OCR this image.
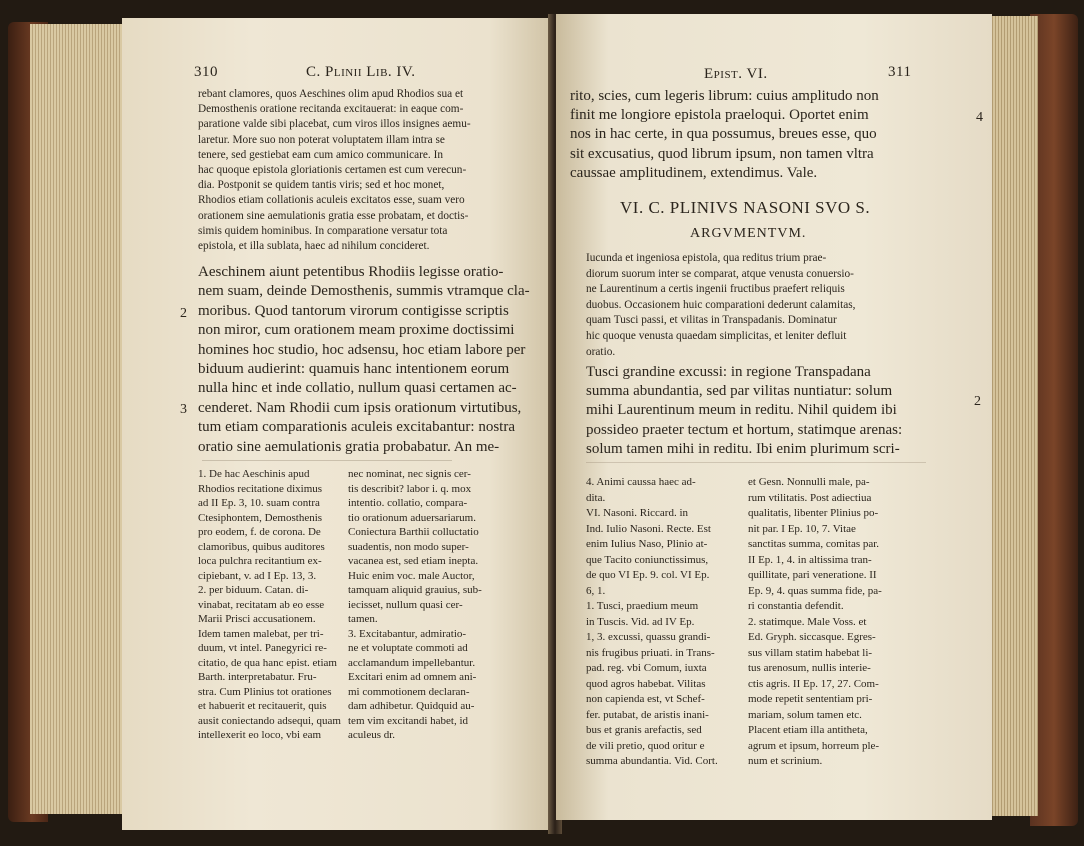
310	C. Plinii Lib. IV.
rebant clamores, quos Aeschines olim apud Rhodios sua et
Demosthenis oratione recitanda excitauerat: in eaque com-
paratione valde sibi placebat, cum viros illos insignes aemu-
laretur. More suo non poterat voluptatem illam intra se
tenere, sed gestiebat eam cum amico communicare. In
hac quoque epistola gloriationis certamen est cum verecun-
dia. Postponit se quidem tantis viris; sed et hoc monet,
Rhodios etiam collationis aculeis excitatos esse, suam vero
orationem sine aemulationis gratia esse probatam, et doctis-
simis quidem hominibus. In comparatione versatur tota
epistola, et illa sublata, haec ad nihilum concideret.
Aeschinem aiunt petentibus Rhodiis legisse oratio-
nem suam, deinde Demosthenis, summis vtramque cla-
moribus. Quod tantorum virorum contigisse scriptis
non miror, cum orationem meam proxime doctissimi
homines hoc studio, hoc adsensu, hoc etiam labore per
biduum audierint: quamuis hanc intentionem eorum
nulla hinc et inde collatio, nullum quasi certamen ac-
cenderet. Nam Rhodii cum ipsis orationum virtutibus,
tum etiam comparationis aculeis excitabantur: nostra
oratio sine aemulationis gratia probabatur. An me-
2
3
1. De hac Aeschinis apud
Rhodios recitatione diximus
ad II Ep. 3, 10. suam contra
Ctesiphontem, Demosthenis
pro eodem, f. de corona. De
clamoribus, quibus auditores
loca pulchra recitantium ex-
cipiebant, v. ad I Ep. 13, 3.
2. per biduum. Catan. di-
vinabat, recitatam ab eo esse
Marii Prisci accusationem.
Idem tamen malebat, per tri-
duum, vt intel. Panegyrici re-
citatio, de qua hanc epist. etiam
Barth. interpretabatur. Fru-
stra. Cum Plinius tot orationes
et habuerit et recitauerit, quis
ausit coniectando adsequi, quam
intellexerit eo loco, vbi eam
nec nominat, nec signis cer-
tis describit? labor i. q. mox
intentio. collatio, compara-
tio orationum aduersariarum.
Coniectura Barthii colluctatio
suadentis, non modo super-
vacanea est, sed etiam inepta.
Huic enim voc. male Auctor,
tamquam aliquid grauius, sub-
iecisset, nullum quasi cer-
tamen.
3. Excitabantur, admiratio-
ne et voluptate commoti ad
acclamandum impellebantur.
Excitari enim ad omnem ani-
mi commotionem declaran-
dam adhibetur. Quidquid au-
tem vim excitandi habet, id
aculeus dr.
Epist. VI.	311
rito, scies, cum legeris librum: cuius amplitudo non
finit me longiore epistola praeloqui. Oportet enim
nos in hac certe, in qua possumus, breues esse, quo
sit excusatius, quod librum ipsum, non tamen vltra
caussae amplitudinem, extendimus. Vale.
4
VI. C. PLINIVS NASONI SVO S.
ARGVMENTVM.
Iucunda et ingeniosa epistola, qua reditus trium prae-
diorum suorum inter se comparat, atque venusta conuersio-
ne Laurentinum a certis ingenii fructibus praefert reliquis
duobus. Occasionem huic comparationi dederunt calamitas,
quam Tusci passi, et vilitas in Transpadanis. Dominatur
hic quoque venusta quaedam simplicitas, et leniter defluit
oratio.
Tusci grandine excussi: in regione Transpadana
summa abundantia, sed par vilitas nuntiatur: solum
mihi Laurentinum meum in reditu. Nihil quidem ibi
possideo praeter tectum et hortum, statimque arenas:
solum tamen mihi in reditu. Ibi enim plurimum scri-
2
4. Animi caussa haec ad-
dita.
VI. Nasoni. Riccard. in
Ind. Iulio Nasoni. Recte. Est
enim Iulius Naso, Plinio at-
que Tacito coniunctissimus,
de quo VI Ep. 9. col. VI Ep.
6, 1.
1. Tusci, praedium meum
in Tuscis. Vid. ad IV Ep.
1, 3. excussi, quassu grandi-
nis frugibus priuati. in Trans-
pad. reg. vbi Comum, iuxta
quod agros habebat. Vilitas
non capienda est, vt Schef-
fer. putabat, de aristis inani-
bus et granis arefactis, sed
de vili pretio, quod oritur e
summa abundantia. Vid. Cort.
et Gesn. Nonnulli male, pa-
rum vtilitatis. Post adiectiua
qualitatis, libenter Plinius po-
nit par. I Ep. 10, 7. Vitae
sanctitas summa, comitas par.
II Ep. 1, 4. in altissima tran-
quillitate, pari veneratione. II
Ep. 9, 4. quas summa fide, pa-
ri constantia defendit.
2. statimque. Male Voss. et
Ed. Gryph. siccasque. Egres-
sus villam statim habebat li-
tus arenosum, nullis interie-
ctis agris. II Ep. 17, 27. Com-
mode repetit sententiam pri-
mariam, solum tamen etc.
Placent etiam illa antitheta,
agrum et ipsum, horreum ple-
num et scrinium.
